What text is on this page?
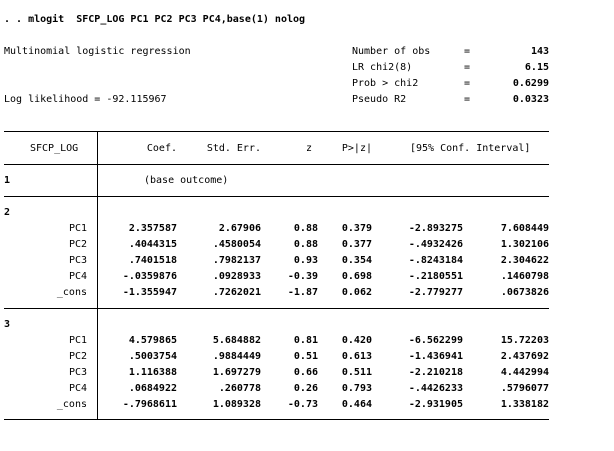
. . mlogit  SFCP_LOG PC1 PC2 PC3 PC4,base(1) nolog
Multinomial logistic regression
Log likelihood = -92.115967
Number of obs	=	143
LR chi2(8)	=	6.15
Prob > chi2	=	0.6299
Pseudo R2	=	0.0323
SFCP_LOG	Coef.	Std. Err.	z	P>|z|	[95% Conf. Interval]
1	(base outcome)
2
PC1	2.357587	2.67906	0.88	0.379	-2.893275	7.608449
PC2	.4044315	.4580054	0.88	0.377	-.4932426	1.302106
PC3	.7401518	.7982137	0.93	0.354	-.8243184	2.304622
PC4	-.0359876	.0928933	-0.39	0.698	-.2180551	.1460798
_cons	-1.355947	.7262021	-1.87	0.062	-2.779277	.0673826
3
PC1	4.579865	5.684882	0.81	0.420	-6.562299	15.72203
PC2	.5003754	.9884449	0.51	0.613	-1.436941	2.437692
PC3	1.116388	1.697279	0.66	0.511	-2.210218	4.442994
PC4	.0684922	.260778	0.26	0.793	-.4426233	.5796077
_cons	-.7968611	1.089328	-0.73	0.464	-2.931905	1.338182
